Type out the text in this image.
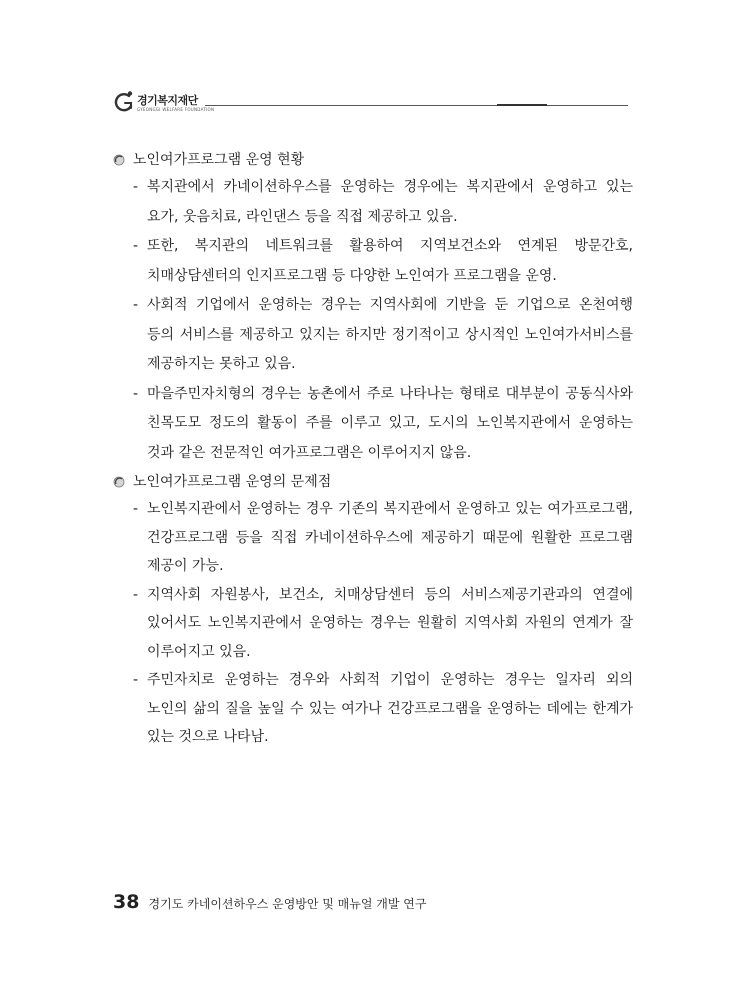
경기복지재단
GYEONGGI WELFARE FOUNDATION
노인여가프로그램 운영 현황
- 복지관에서 카네이션하우스를 운영하는 경우에는 복지관에서 운영하고 있는 요가, 웃음치료, 라인댄스 등을 직접 제공하고 있음.
- 또한, 복지관의 네트워크를 활용하여 지역보건소와 연계된 방문간호, 치매상담센터의 인지프로그램 등 다양한 노인여가 프로그램을 운영.
- 사회적 기업에서 운영하는 경우는 지역사회에 기반을 둔 기업으로 온천여행 등의 서비스를 제공하고 있지는 하지만 정기적이고 상시적인 노인여가서비스를 제공하지는 못하고 있음.
- 마을주민자치형의 경우는 농촌에서 주로 나타나는 형태로 대부분이 공동식사와 친목도모 정도의 활동이 주를 이루고 있고, 도시의 노인복지관에서 운영하는 것과 같은 전문적인 여가프로그램은 이루어지지 않음.
노인여가프로그램 운영의 문제점
- 노인복지관에서 운영하는 경우 기존의 복지관에서 운영하고 있는 여가프로그램, 건강프로그램 등을 직접 카네이션하우스에 제공하기 때문에 원활한 프로그램 제공이 가능.
- 지역사회 자원봉사, 보건소, 치매상담센터 등의 서비스제공기관과의 연결에 있어서도 노인복지관에서 운영하는 경우는 원활히 지역사회 자원의 연계가 잘 이루어지고 있음.
- 주민자치로 운영하는 경우와 사회적 기업이 운영하는 경우는 일자리 외의 노인의 삶의 질을 높일 수 있는 여가나 건강프로그램을 운영하는 데에는 한계가 있는 것으로 나타남.
38 경기도 카네이션하우스 운영방안 및 매뉴얼 개발 연구
